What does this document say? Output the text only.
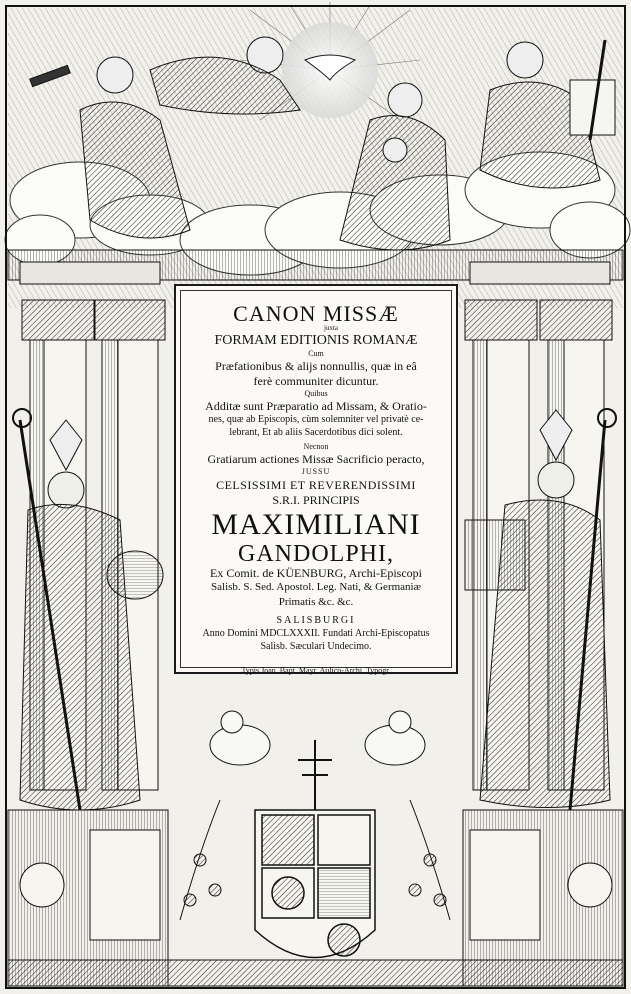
CANON MISSÆ
juxta
FORMAM EDITIONIS ROMANÆ
Cum
Præfationibus & alijs nonnullis, quæ in eâ
ferè communiter dicuntur.
Quibus
Additæ sunt Præparatio ad Missam, & Oratio-
nes, quæ ab Episcopis, cùm solemniter vel privatè ce-
lebrant, Et ab aliis Sacerdotibus dici solent.
Necnon
Gratiarum actiones Missæ Sacrificio peracto,
JUSSU
CELSISSIMI ET REVERENDISSIMI
S.R.I. PRINCIPIS
MAXIMILIANI
GANDOLPHI,
Ex Comit. de KÜENBURG, Archi-Episcopi
Salisb. S. Sed. Apostol. Leg. Nati, & Germaniæ
Primatis &c. &c.
SALISBURGI
Anno Domini MDCLXXXII. Fundati Archi-Episcopatus
Salisb. Sæculari Undecimo.
Typis Joan. Bapt. Mayr, Aulico-Archi. Typogr.
